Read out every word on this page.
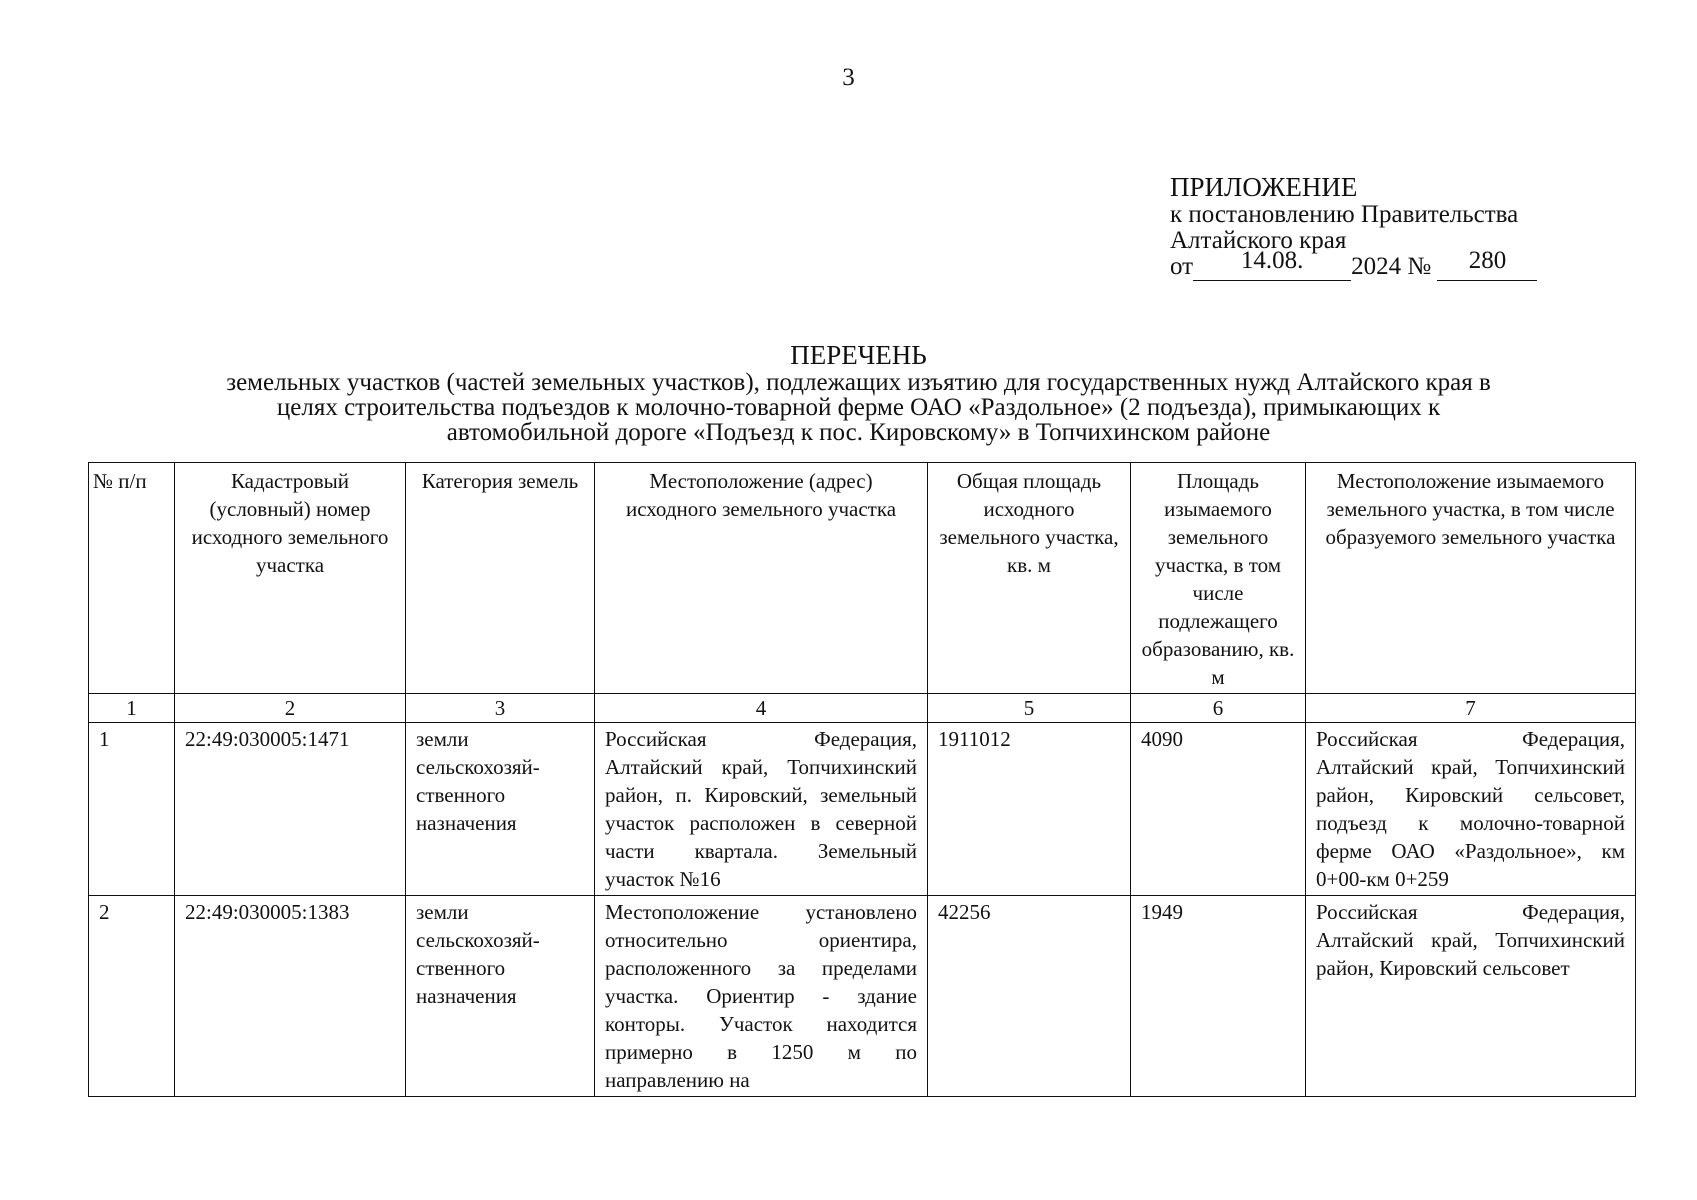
3
ПРИЛОЖЕНИЕ
к постановлению Правительства
Алтайского края
от 14.08. 2024 № 280
ПЕРЕЧЕНЬ
земельных участков (частей земельных участков), подлежащих изъятию для государственных нужд Алтайского края в
целях строительства подъездов к молочно-товарной ферме ОАО «Раздольное» (2 подъезда), примыкающих к
автомобильной дороге «Подъезд к пос. Кировскому» в Топчихинском районе
№ п/п	Кадастровый (условный) номер исходного земельного участка	Категория земель	Местоположение (адрес) исходного земельного участка	Общая площадь исходного земельного участка, кв. м	Площадь изымаемого земельного участка, в том числе подлежащего образованию, кв. м	Местоположение изымаемого земельного участка, в том числе образуемого земельного участка
1	2	3	4	5	6	7
1	22:49:030005:1471	земли сельскохозяй-ственного назначения	Российская Федерация, Алтайский край, Топчихинский район, п. Кировский, земельный участок расположен в северной части квартала. Земельный участок №16	1911012	4090	Российская Федерация, Алтайский край, Топчихинский район, Кировский сельсовет, подъезд к молочно-товарной ферме ОАО «Раздольное», км 0+00-км 0+259
2	22:49:030005:1383	земли сельскохозяй-ственного назначения	Местоположение установлено относительно ориентира, расположенного за пределами участка. Ориентир - здание конторы. Участок находится примерно в 1250 м по направлению на	42256	1949	Российская Федерация, Алтайский край, Топчихинский район, Кировский сельсовет
